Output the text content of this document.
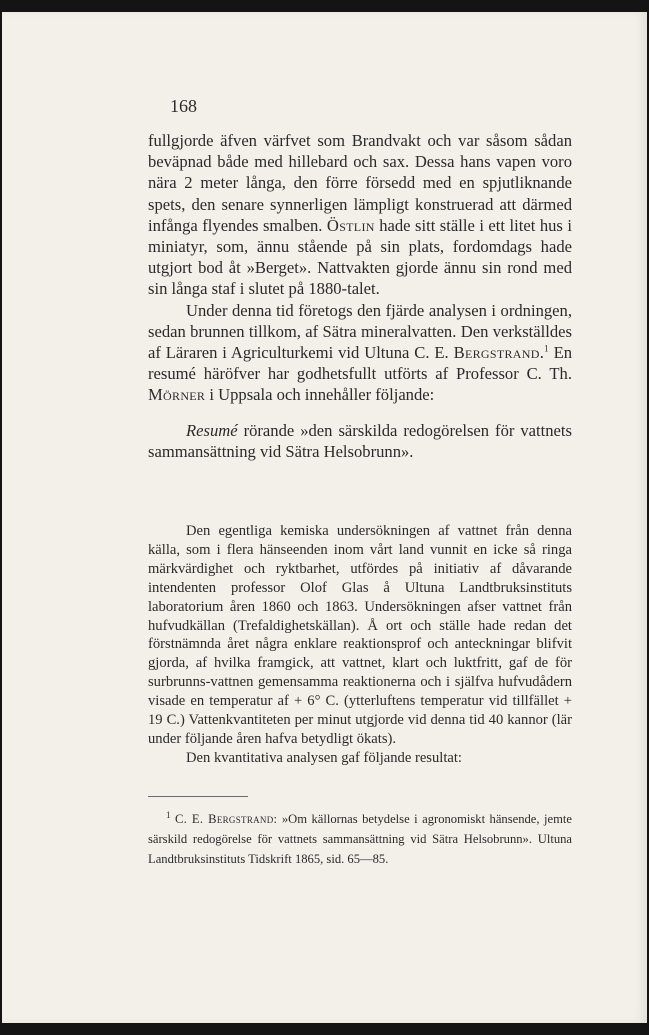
168

fullgjorde äfven värfvet som Brandvakt och var såsom sådan beväpnad både med hillebard och sax. Dessa hans vapen voro nära 2 meter långa, den förre försedd med en spjutliknande spets, den senare synnerligen lämpligt konstruerad att därmed infånga flyendes smalben. Östlin hade sitt ställe i ett litet hus i miniatyr, som, ännu stående på sin plats, fordomdags hade utgjort bod åt »Berget». Nattvakten gjorde ännu sin rond med sin långa staf i slutet på 1880-talet.

Under denna tid företogs den fjärde analysen i ordningen, sedan brunnen tillkom, af Sätra mineralvatten. Den verkställdes af Läraren i Agriculturkemi vid Ultuna C. E. Bergstrand.$^1$ En resumé häröfver har godhetsfullt utförts af Professor C. Th. Mörner i Uppsala och innehåller följande:

Resumé rörande »den särskilda redogörelsen för vattnets sammansättning vid Sätra Helsobrunn».

Den egentliga kemiska undersökningen af vattnet från denna källa, som i flera hänseenden inom vårt land vunnit en icke så ringa märkvärdighet och ryktbarhet, utfördes på initiativ af dåvarande intendenten professor Olof Glas å Ultuna Landtbruksinstituts laboratorium åren 1860 och 1863. Undersökningen afser vattnet från hufvudkällan (Trefaldighetskällan). Å ort och ställe hade redan det förstnämnda året några enklare reaktionsprof och anteckningar blifvit gjorda, af hvilka framgick, att vattnet, klart och luktfritt, gaf de för surbrunns-vattnen gemensamma reaktionerna och i själfva hufvudådern visade en temperatur af + 6° C. (ytterluftens temperatur vid tillfället + 19 C.) Vattenkvantiteten per minut utgjorde vid denna tid 40 kannor (lär under följande åren hafva betydligt ökats).

Den kvantitativa analysen gaf följande resultat:

$^1$ C. E. Bergstrand: »Om källornas betydelse i agronomiskt hänsende, jemte särskild redogörelse för vattnets sammansättning vid Sätra Helsobrunn». Ultuna Landtbruksinstituts Tidskrift 1865, sid. 65—85.
